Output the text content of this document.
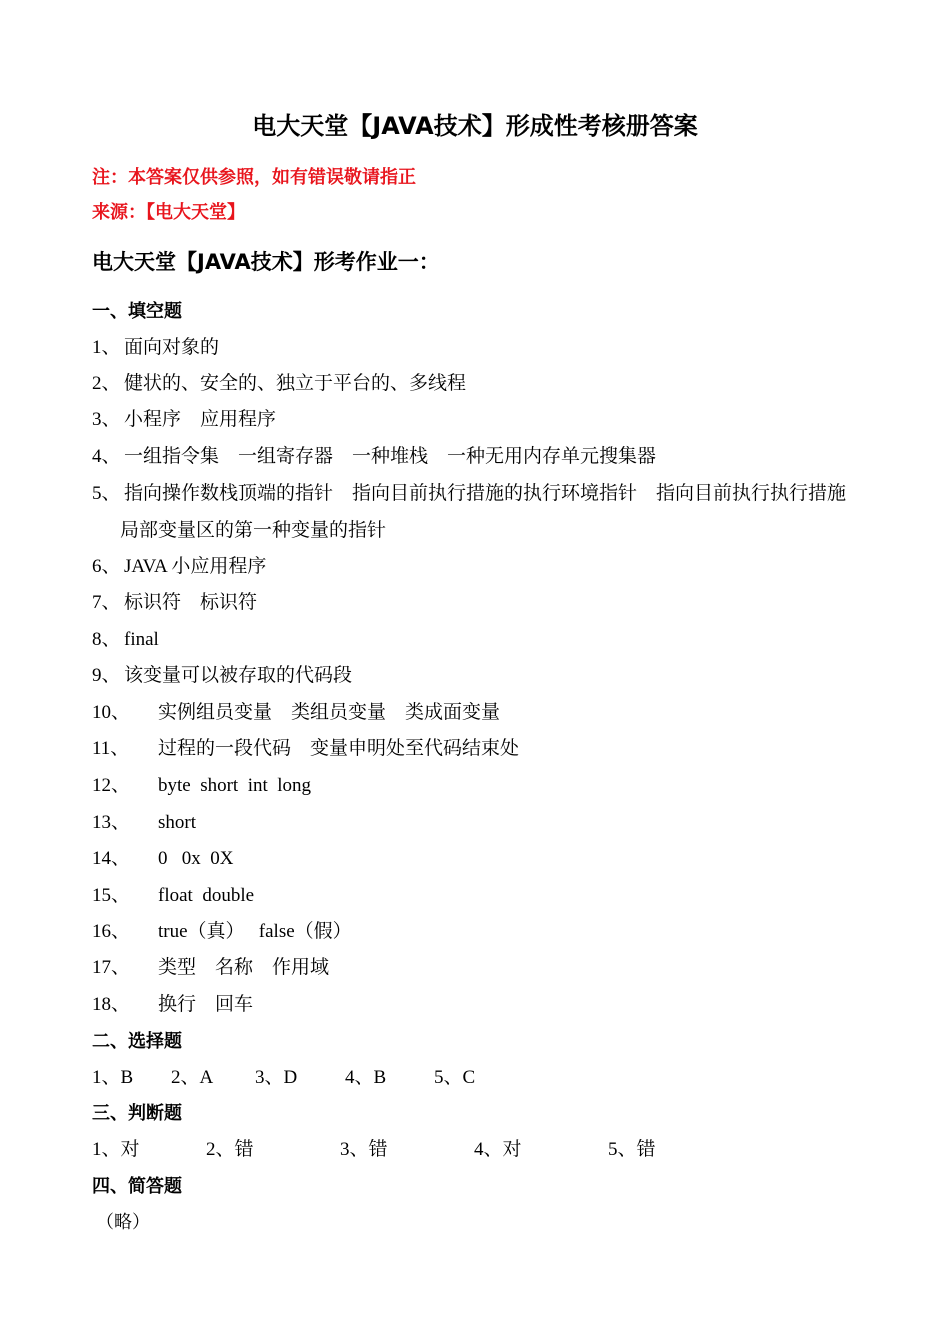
电大天堂【JAVA技术】形成性考核册答案
注：本答案仅供参照，如有错误敬请指正
来源：【电大天堂】
电大天堂【JAVA技术】形考作业一：
一、填空题
1、 面向对象的
2、 健状的、安全的、独立于平台的、多线程
3、 小程序　应用程序
4、 一组指令集　一组寄存器　一种堆栈　一种无用内存单元搜集器
5、 指向操作数栈顶端的指针　指向目前执行措施的执行环境指针　指向目前执行执行措施
局部变量区的第一种变量的指针
6、 JAVA 小应用程序
7、 标识符　标识符
8、 final
9、 该变量可以被存取的代码段
10、 实例组员变量　类组员变量　类成面变量
11、 过程的一段代码　变量申明处至代码结束处
12、 byte  short  int  long
13、 short
14、 0   0x  0X
15、 float  double
16、 true（真）   false（假）
17、 类型　名称　作用域
18、 换行　回车
二、选择题

1、B

2、A

3、D

	4、B

	5、C

三、判断题

1、对

	2、错

	3、错

	4、对

	5、错

四、简答题
（略）
